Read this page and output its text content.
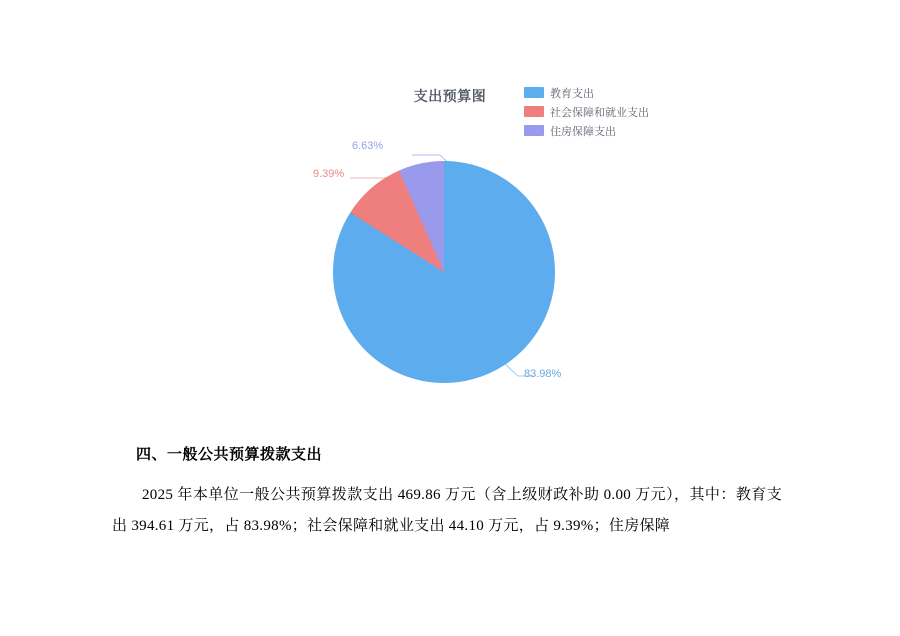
支出预算图	教育支出
社会保障和就业支出
住房保障支出
83.98%
9.39%
6.63%
四、一般公共预算拨款支出

2025 年本单位一般公共预算拨款支出 469.86 万元（含上级财政补助 0.00 万元），其中：教育支出 394.61 万元，占 83.98%；社会保障和就业支出 44.10 万元，占 9.39%；住房保障
